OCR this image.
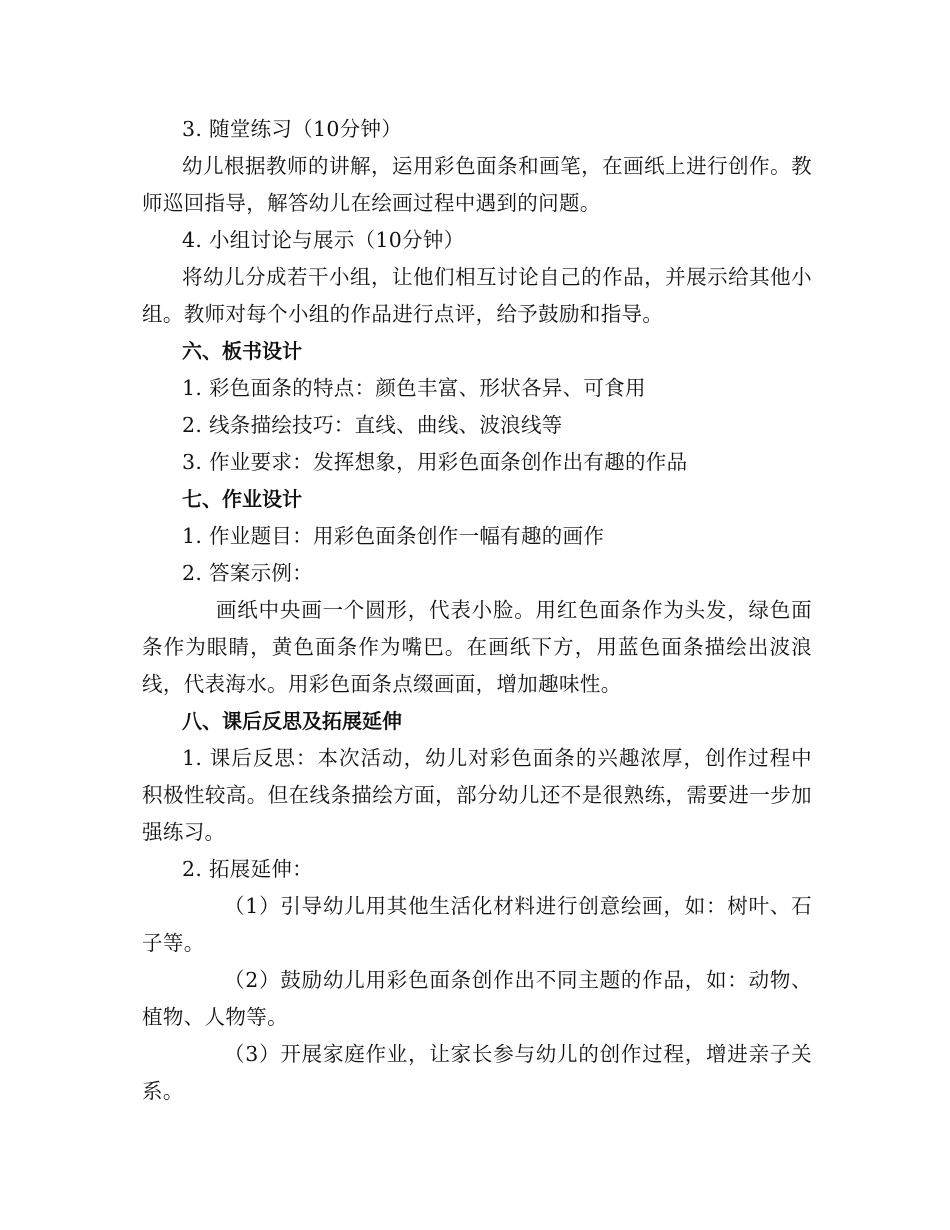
3. 随堂练习（10分钟）
幼儿根据教师的讲解，运用彩色面条和画笔，在画纸上进行创作。教师巡回指导，解答幼儿在绘画过程中遇到的问题。
4. 小组讨论与展示（10分钟）
将幼儿分成若干小组，让他们相互讨论自己的作品，并展示给其他小组。教师对每个小组的作品进行点评，给予鼓励和指导。
六、板书设计
1. 彩色面条的特点：颜色丰富、形状各异、可食用
2. 线条描绘技巧：直线、曲线、波浪线等
3. 作业要求：发挥想象，用彩色面条创作出有趣的作品
七、作业设计
1. 作业题目：用彩色面条创作一幅有趣的画作
2. 答案示例：
画纸中央画一个圆形，代表小脸。用红色面条作为头发，绿色面条作为眼睛，黄色面条作为嘴巴。在画纸下方，用蓝色面条描绘出波浪线，代表海水。用彩色面条点缀画面，增加趣味性。
八、课后反思及拓展延伸
1. 课后反思：本次活动，幼儿对彩色面条的兴趣浓厚，创作过程中积极性较高。但在线条描绘方面，部分幼儿还不是很熟练，需要进一步加强练习。
2. 拓展延伸：
（1）引导幼儿用其他生活化材料进行创意绘画，如：树叶、石子等。
（2）鼓励幼儿用彩色面条创作出不同主题的作品，如：动物、植物、人物等。
（3）开展家庭作业，让家长参与幼儿的创作过程，增进亲子关系。
